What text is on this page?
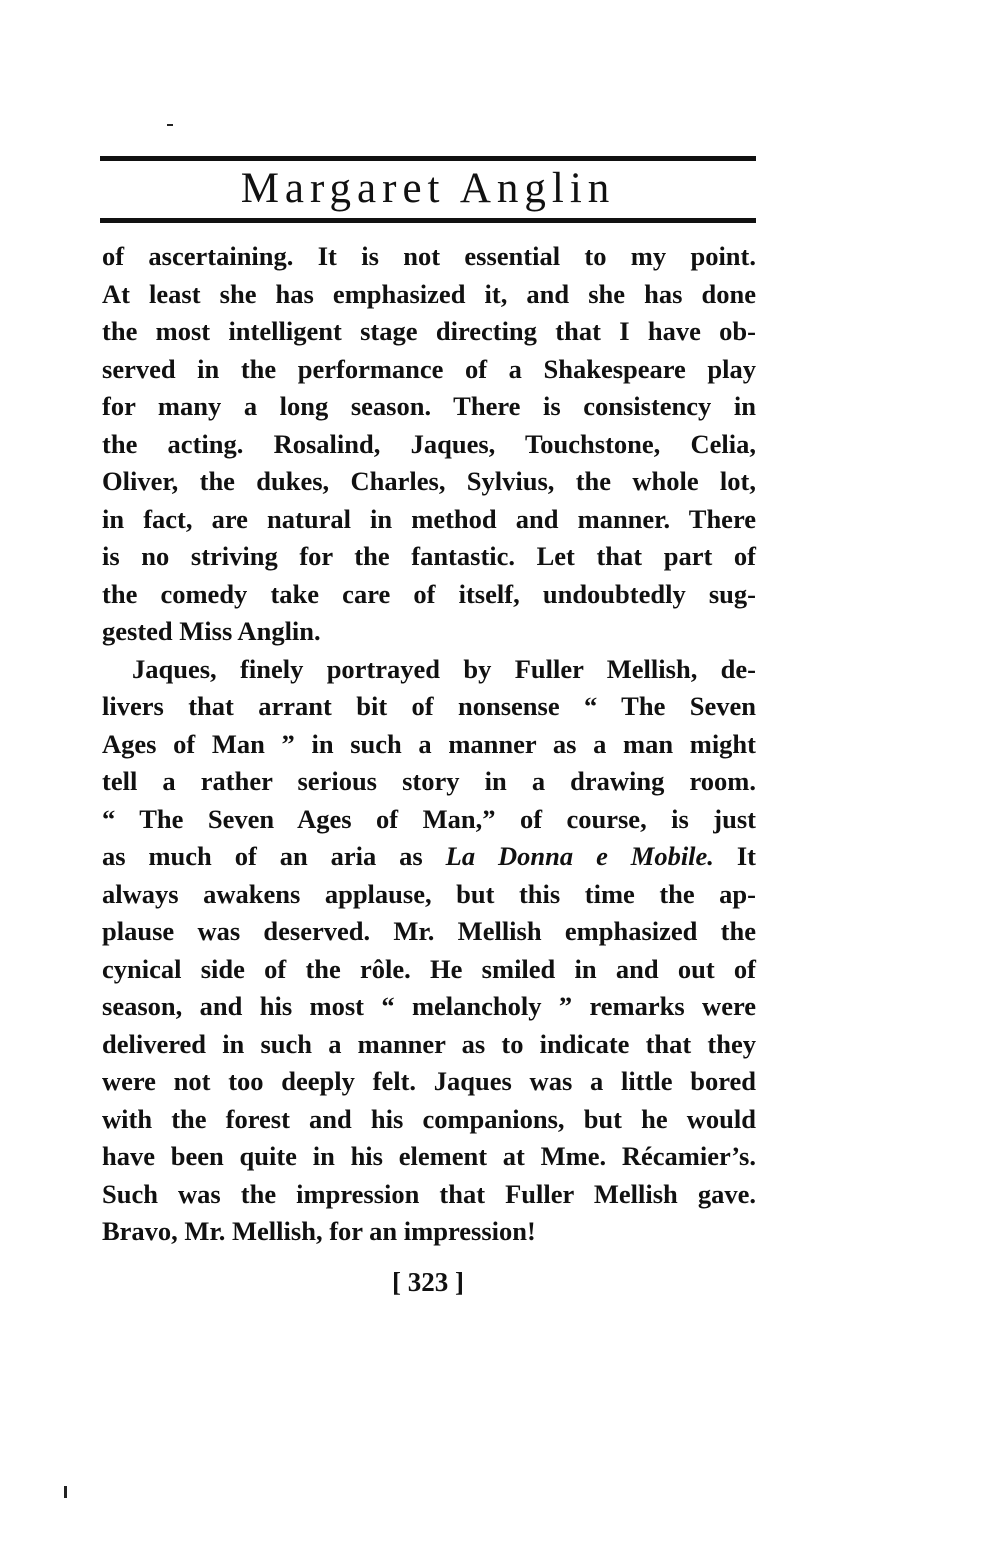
Margaret Anglin
of ascertaining. It is not essential to my point.
At least she has emphasized it, and she has done
the most intelligent stage directing that I have ob-
served in the performance of a Shakespeare play
for many a long season. There is consistency in
the acting. Rosalind, Jaques, Touchstone, Celia,
Oliver, the dukes, Charles, Sylvius, the whole lot,
in fact, are natural in method and manner. There
is no striving for the fantastic. Let that part of
the comedy take care of itself, undoubtedly sug-
gested Miss Anglin.
Jaques, finely portrayed by Fuller Mellish, de-
livers that arrant bit of nonsense “ The Seven
Ages of Man ” in such a manner as a man might
tell a rather serious story in a drawing room.
“ The Seven Ages of Man,” of course, is just
as much of an aria as La Donna e Mobile. It
always awakens applause, but this time the ap-
plause was deserved. Mr. Mellish emphasized the
cynical side of the rôle. He smiled in and out of
season, and his most “ melancholy ” remarks were
delivered in such a manner as to indicate that they
were not too deeply felt. Jaques was a little bored
with the forest and his companions, but he would
have been quite in his element at Mme. Récamier’s.
Such was the impression that Fuller Mellish gave.
Bravo, Mr. Mellish, for an impression!
[ 323 ]
